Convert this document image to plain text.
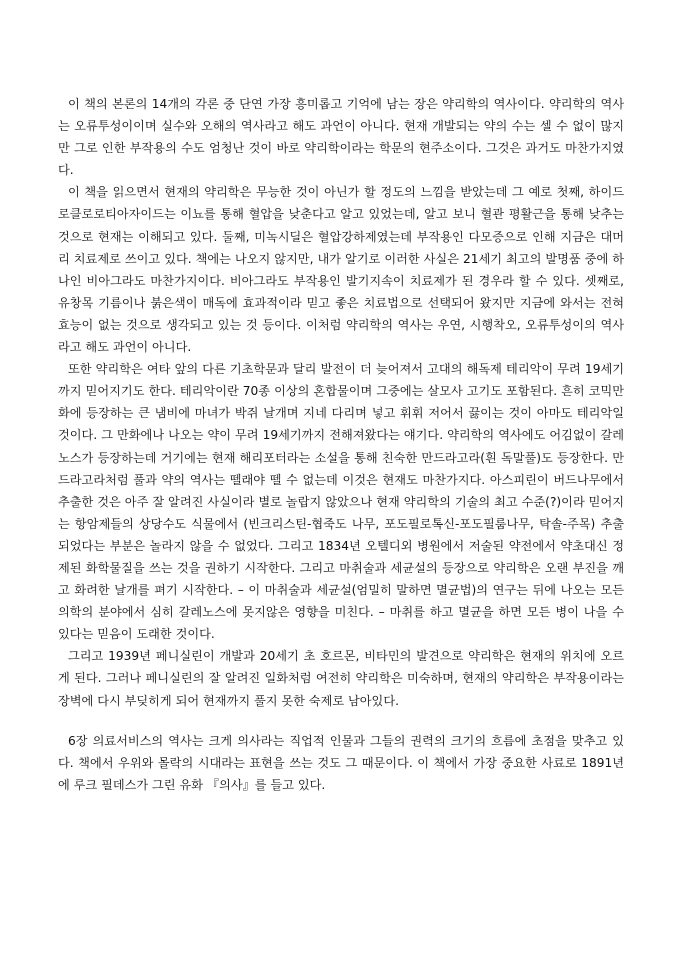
이 책의 본론의 14개의 각론 중 단연 가장 흥미롭고 기억에 남는 장은 약리학의 역사이다. 약리학의 역사는 오류투성이이며 실수와 오해의 역사라고 해도 과언이 아니다. 현재 개발되는 약의 수는 셀 수 없이 많지만 그로 인한 부작용의 수도 엄청난 것이 바로 약리학이라는 학문의 현주소이다. 그것은 과거도 마찬가지였다.

이 책을 읽으면서 현재의 약리학은 무능한 것이 아닌가 할 정도의 느낌을 받았는데 그 예로 첫째, 하이드로클로로티아자이드는 이뇨를 통해 혈압을 낮춘다고 알고 있었는데, 알고 보니 혈관 평활근을 통해 낮추는 것으로 현재는 이해되고 있다. 둘째, 미녹시딜은 혈압강하제였는데 부작용인 다모증으로 인해 지금은 대머리 치료제로 쓰이고 있다. 책에는 나오지 않지만, 내가 알기로 이러한 사실은 21세기 최고의 발명품 중에 하나인 비아그라도 마찬가지이다. 비아그라도 부작용인 발기지속이 치료제가 된 경우라 할 수 있다. 셋째로, 유창목 기름이나 붉은색이 매독에 효과적이라 믿고 좋은 치료법으로 선택되어 왔지만 지금에 와서는 전혀 효능이 없는 것으로 생각되고 있는 것 등이다. 이처럼 약리학의 역사는 우연, 시행착오, 오류투성이의 역사라고 해도 과언이 아니다.

또한 약리학은 여타 앞의 다른 기초학문과 달리 발전이 더 늦어져서 고대의 해독제 테리악이 무려 19세기까지 믿어지기도 한다. 테리악이란 70종 이상의 혼합물이며 그중에는 살모사 고기도 포함된다. 흔히 코믹만화에 등장하는 큰 냄비에 마녀가 박쥐 날개며 지네 다리며 넣고 휘휘 저어서 끓이는 것이 아마도 테리악일 것이다. 그 만화에나 나오는 약이 무려 19세기까지 전해져왔다는 얘기다. 약리학의 역사에도 어김없이 갈레노스가 등장하는데 거기에는 현재 해리포터라는 소설을 통해 친숙한 만드라고라(흰 독말풀)도 등장한다. 만드라고라처럼 풀과 약의 역사는 뗄래야 뗄 수 없는데 이것은 현재도 마찬가지다. 아스피린이 버드나무에서 추출한 것은 아주 잘 알려진 사실이라 별로 놀랍지 않았으나 현재 약리학의 기술의 최고 수준(?)이라 믿어지는 항암제들의 상당수도 식물에서 (빈크리스틴-협죽도 나무, 포도필로톡신-포도필룸나무, 탁솔-주목) 추출되었다는 부분은 놀라지 않을 수 없었다. 그리고 1834년 오텔디외 병원에서 저술된 약전에서 약초대신 정제된 화학물질을 쓰는 것을 권하기 시작한다. 그리고 마취술과 세균설의 등장으로 약리학은 오랜 부진을 깨고 화려한 날개를 펴기 시작한다. – 이 마취술과 세균설(엄밀히 말하면 멸균법)의 연구는 뒤에 나오는 모든 의학의 분야에서 심히 갈레노스에 못지않은 영향을 미친다. – 마취를 하고 멸균을 하면 모든 병이 나을 수 있다는 믿음이 도래한 것이다.

그리고 1939년 페니실린이 개발과 20세기 초 호르몬, 비타민의 발견으로 약리학은 현재의 위치에 오르게 된다. 그러나 페니실린의 잘 알려진 일화처럼 여전히 약리학은 미숙하며, 현재의 약리학은 부작용이라는 장벽에 다시 부딪히게 되어 현재까지 풀지 못한 숙제로 남아있다.

6장 의료서비스의 역사는 크게 의사라는 직업적 인물과 그들의 권력의 크기의 흐름에 초점을 맞추고 있다. 책에서 우위와 몰락의 시대라는 표현을 쓰는 것도 그 때문이다. 이 책에서 가장 중요한 사료로 1891년에 루크 필데스가 그린 유화 『의사』를 들고 있다.
